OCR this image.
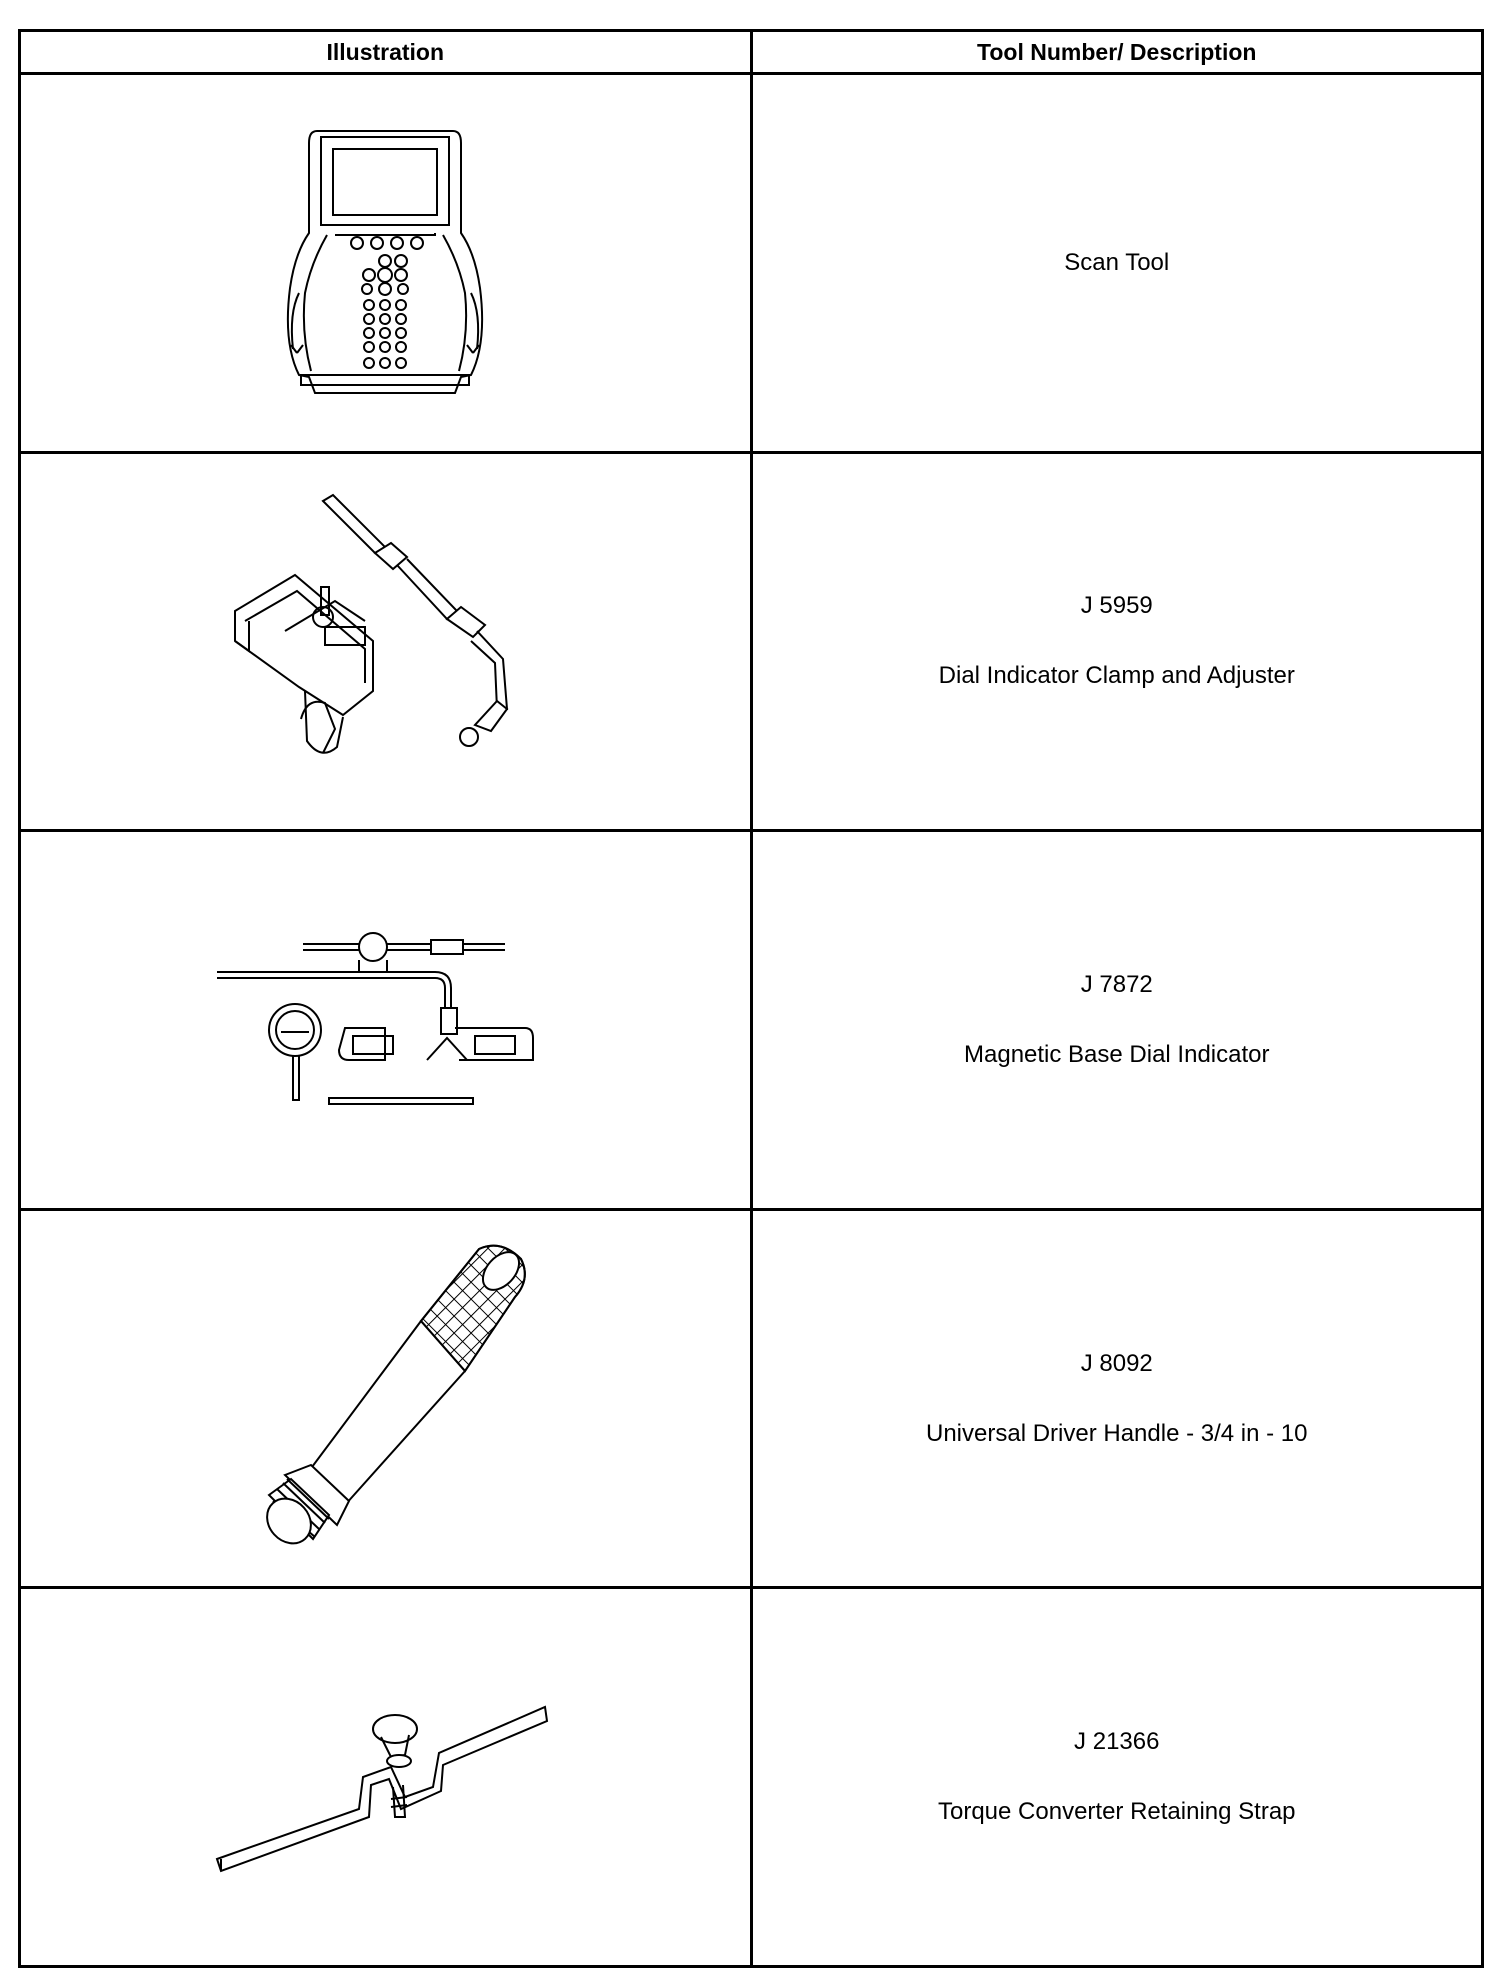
Illustration	Tool Number/ Description

Scan Tool

J 5959
Dial Indicator Clamp and Adjuster

J 7872
Magnetic Base Dial Indicator

J 8092
Universal Driver Handle - 3/4 in - 10

J 21366
Torque Converter Retaining Strap
